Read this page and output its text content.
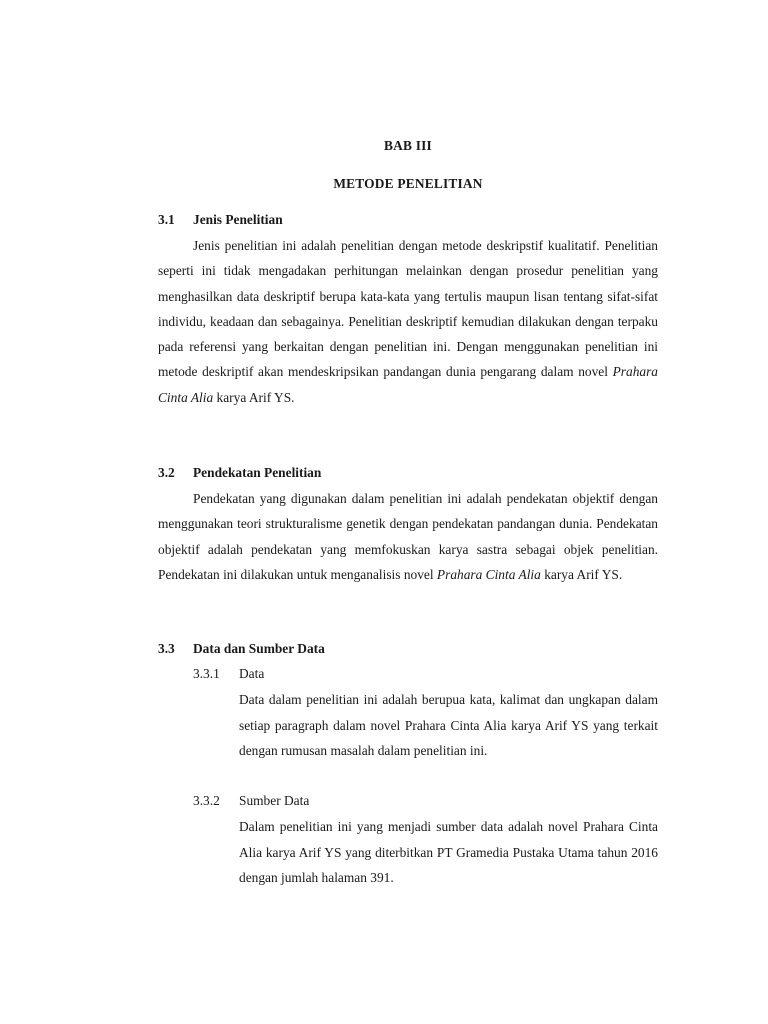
BAB III
METODE PENELITIAN
3.1 Jenis Penelitian
Jenis penelitian ini adalah penelitian dengan metode deskripstif kualitatif. Penelitian seperti ini tidak mengadakan perhitungan melainkan dengan prosedur penelitian yang menghasilkan data deskriptif berupa kata-kata yang tertulis maupun lisan tentang sifat-sifat individu, keadaan dan sebagainya. Penelitian deskriptif kemudian dilakukan dengan terpaku pada referensi yang berkaitan dengan penelitian ini. Dengan menggunakan penelitian ini metode deskriptif akan mendeskripsikan pandangan dunia pengarang dalam novel Prahara Cinta Alia karya Arif YS.
3.2 Pendekatan Penelitian
Pendekatan yang digunakan dalam penelitian ini adalah pendekatan objektif dengan menggunakan teori strukturalisme genetik dengan pendekatan pandangan dunia. Pendekatan objektif adalah pendekatan yang memfokuskan karya sastra sebagai objek penelitian. Pendekatan ini dilakukan untuk menganalisis novel Prahara Cinta Alia karya Arif YS.
3.3 Data dan Sumber Data
3.3.1 Data
Data dalam penelitian ini adalah berupua kata, kalimat dan ungkapan dalam setiap paragraph dalam novel Prahara Cinta Alia karya Arif YS yang terkait dengan rumusan masalah dalam penelitian ini.
3.3.2 Sumber Data
Dalam penelitian ini yang menjadi sumber data adalah novel Prahara Cinta Alia karya Arif YS yang diterbitkan PT Gramedia Pustaka Utama tahun 2016 dengan jumlah halaman 391.
